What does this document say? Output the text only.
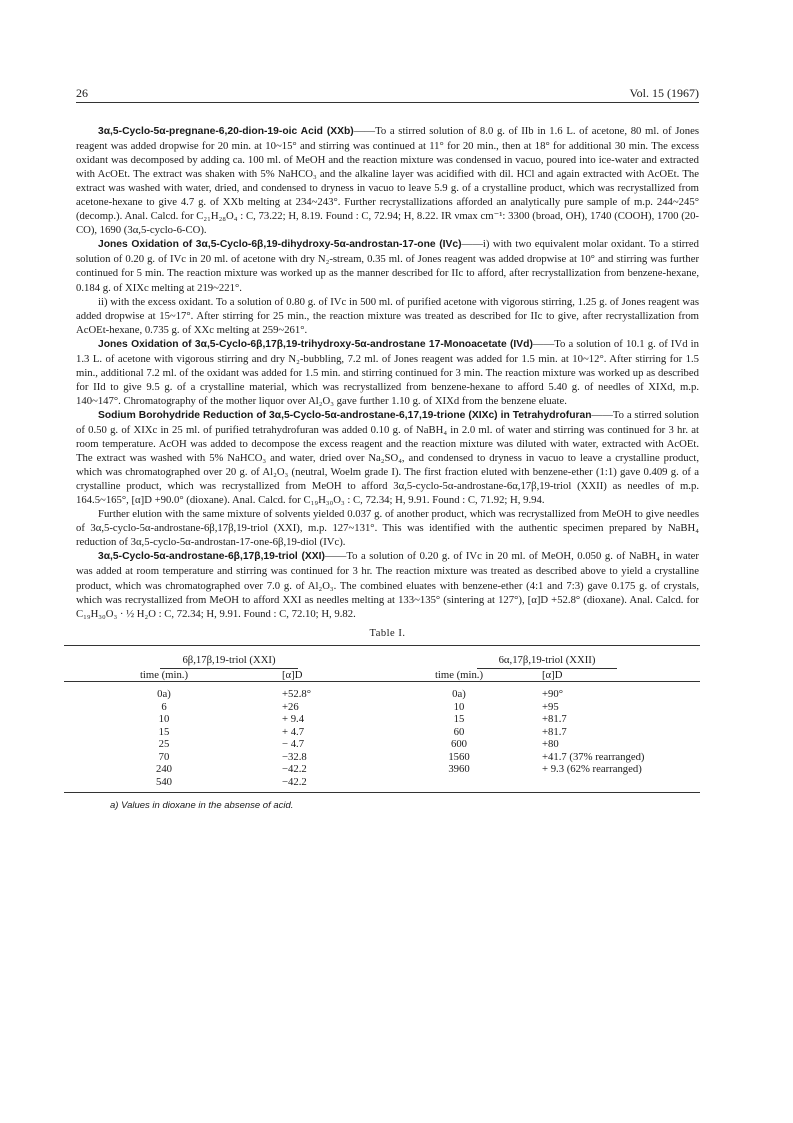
26	Vol. 15 (1967)

3α,5-Cyclo-5α-pregnane-6,20-dion-19-oic Acid (XXb)——To a stirred solution of 8.0 g. of IIb in 1.6 L. of acetone, 80 ml. of Jones reagent was added dropwise for 20 min. at 10~15° and stirring was continued at 11° for 20 min., then at 18° for additional 30 min. The excess oxidant was decomposed by adding ca. 100 ml. of MeOH and the reaction mixture was condensed in vacuo, poured into ice-water and extracted with AcOEt. The extract was shaken with 5% NaHCO₃ and the alkaline layer was acidified with dil. HCl and again extracted with AcOEt. The extract was washed with water, dried, and condensed to dryness in vacuo to leave 5.9 g. of a crystalline product, which was recrystallized from acetone-hexane to give 4.7 g. of XXb melting at 234~243°. Further recrystallizations afforded an analytically pure sample of m.p. 244~245° (decomp.). Anal. Calcd. for C₂₁H₂₈O₄ : C, 73.22; H, 8.19. Found : C, 72.94; H, 8.22. IR νmax cm⁻¹: 3300 (broad, OH), 1740 (COOH), 1700 (20-CO), 1690 (3α,5-cyclo-6-CO).

Jones Oxidation of 3α,5-Cyclo-6β,19-dihydroxy-5α-androstan-17-one (IVc)——i) with two equivalent molar oxidant. To a stirred solution of 0.20 g. of IVc in 20 ml. of acetone with dry N₂-stream, 0.35 ml. of Jones reagent was added dropwise at 10° and stirring was further continued for 5 min. The reaction mixture was worked up as the manner described for IIc to afford, after recrystallization from benzene-hexane, 0.184 g. of XIXc melting at 219~221°.

ii) with the excess oxidant. To a solution of 0.80 g. of IVc in 500 ml. of purified acetone with vigorous stirring, 1.25 g. of Jones reagent was added dropwise at 15~17°. After stirring for 25 min., the reaction mixture was treated as described for IIc to give, after recrystallization from AcOEt-hexane, 0.735 g. of XXc melting at 259~261°.

Jones Oxidation of 3α,5-Cyclo-6β,17β,19-trihydroxy-5α-androstane 17-Monoacetate (IVd)——To a solution of 10.1 g. of IVd in 1.3 L. of acetone with vigorous stirring and dry N₂-bubbling, 7.2 ml. of Jones reagent was added for 1.5 min. at 10~12°. After stirring for 1.5 min., additional 7.2 ml. of the oxidant was added for 1.5 min. and stirring continued for 3 min. The reaction mixture was worked up as described for IId to give 9.5 g. of a crystalline material, which was recrystallized from benzene-hexane to afford 5.40 g. of needles of XIXd, m.p. 140~147°. Chromatography of the mother liquor over Al₂O₃ gave further 1.10 g. of XIXd from the benzene eluate.

Sodium Borohydride Reduction of 3α,5-Cyclo-5α-androstane-6,17,19-trione (XIXc) in Tetrahydrofuran——To a stirred solution of 0.50 g. of XIXc in 25 ml. of purified tetrahydrofuran was added 0.10 g. of NaBH₄ in 2.0 ml. of water and stirring was continued for 3 hr. at room temperature. AcOH was added to decompose the excess reagent and the reaction mixture was diluted with water, extracted with AcOEt. The extract was washed with 5% NaHCO₃ and water, dried over Na₂SO₄, and condensed to dryness in vacuo to leave a crystalline product, which was chromatographed over 20 g. of Al₂O₃ (neutral, Woelm grade I). The first fraction eluted with benzene-ether (1:1) gave 0.409 g. of a crystalline product, which was recrystallized from MeOH to afford 3α,5-cyclo-5α-androstane-6α,17β,19-triol (XXII) as needles of m.p. 164.5~165°, [α]D +90.0° (dioxane). Anal. Calcd. for C₁₉H₃₀O₃ : C, 72.34; H, 9.91. Found : C, 71.92; H, 9.94.

Further elution with the same mixture of solvents yielded 0.037 g. of another product, which was recrystallized from MeOH to give needles of 3α,5-cyclo-5α-androstane-6β,17β,19-triol (XXI), m.p. 127~131°. This was identified with the authentic specimen prepared by NaBH₄ reduction of 3α,5-cyclo-5α-androstan-17-one-6β,19-diol (IVc).

3α,5-Cyclo-5α-androstane-6β,17β,19-triol (XXI)——To a solution of 0.20 g. of IVc in 20 ml. of MeOH, 0.050 g. of NaBH₄ in water was added at room temperature and stirring was continued for 3 hr. The reaction mixture was treated as described above to yield a crystalline product, which was chromatographed over 7.0 g. of Al₂O₃. The combined eluates with benzene-ether (4:1 and 7:3) gave 0.175 g. of crystals, which was recrystallized from MeOH to afford XXI as needles melting at 133~135° (sintering at 127°), [α]D +52.8° (dioxane). Anal. Calcd. for C₁₉H₃₀O₃ · ½ H₂O : C, 72.34; H, 9.91. Found : C, 72.10; H, 9.82.

Table I.
6β,17β,19-triol (XXI)		6α,17β,19-triol (XXII)	
time (min.)	[α]D	time (min.)	[α]D
0a)	+52.8°	0a)	+90°
6	+26	10	+95
10	+ 9.4	15	+81.7
15	+ 4.7	60	+81.7
25	− 4.7	600	+80
70	−32.8	1560	+41.7 (37% rearranged)
240	−42.2	3960	+ 9.3 (62% rearranged)
540	−42.2		
a) Values in dioxane in the absense of acid.
